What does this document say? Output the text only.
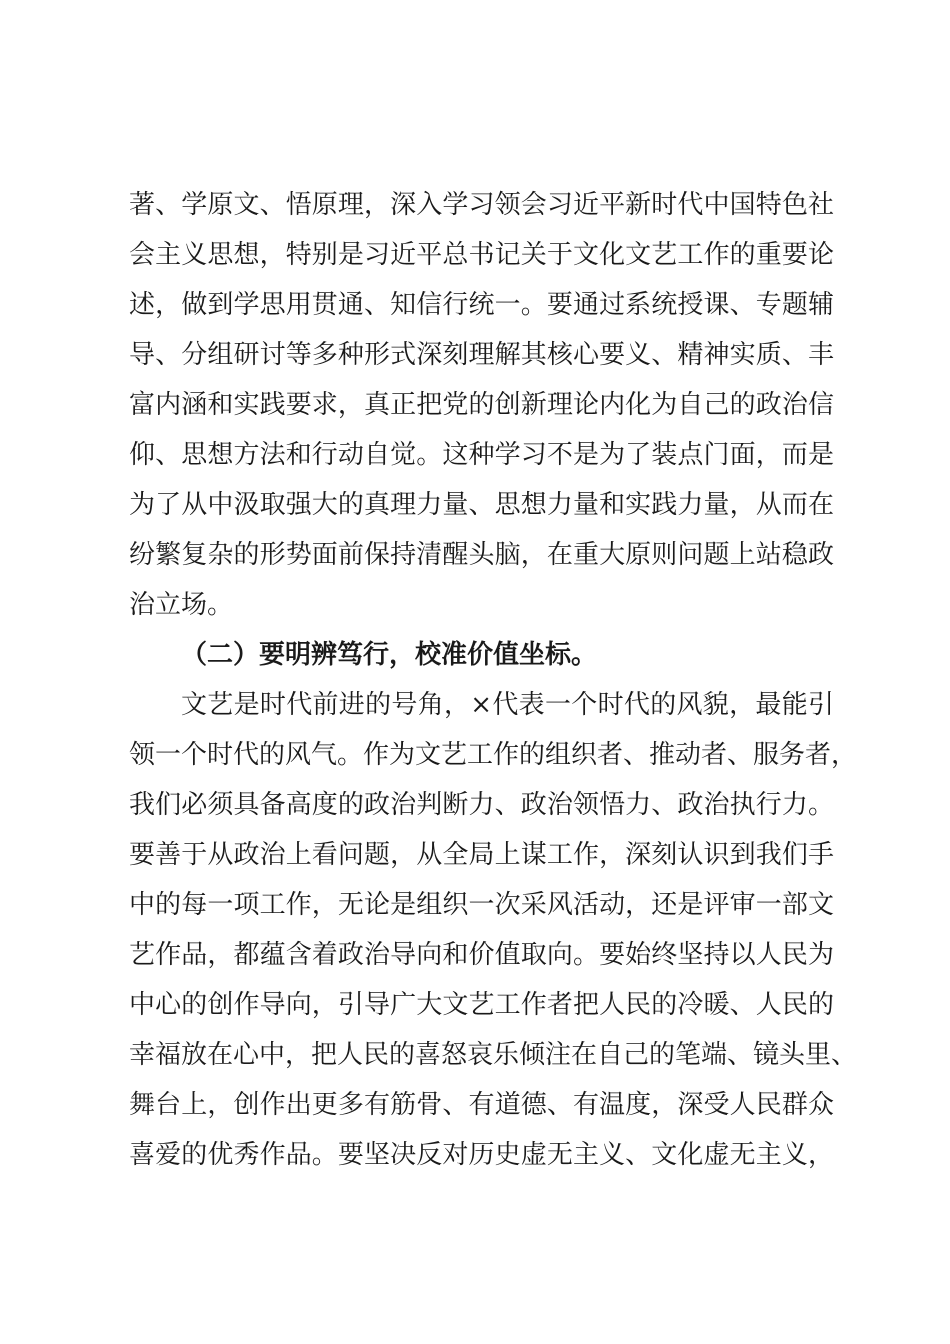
著、学原文、悟原理，深入学习领会习近平新时代中国特色社
会主义思想，特别是习近平总书记关于文化文艺工作的重要论
述，做到学思用贯通、知信行统一。要通过系统授课、专题辅
导、分组研讨等多种形式深刻理解其核心要义、精神实质、丰
富内涵和实践要求，真正把党的创新理论内化为自己的政治信
仰、思想方法和行动自觉。这种学习不是为了装点门面，而是
为了从中汲取强大的真理力量、思想力量和实践力量，从而在
纷繁复杂的形势面前保持清醒头脑，在重大原则问题上站稳政
治立场。
（二）要明辨笃行，校准价值坐标。
文艺是时代前进的号角，×代表一个时代的风貌，最能引
领一个时代的风气。作为文艺工作的组织者、推动者、服务者，
我们必须具备高度的政治判断力、政治领悟力、政治执行力。
要善于从政治上看问题，从全局上谋工作，深刻认识到我们手
中的每一项工作，无论是组织一次采风活动，还是评审一部文
艺作品，都蕴含着政治导向和价值取向。要始终坚持以人民为
中心的创作导向，引导广大文艺工作者把人民的冷暖、人民的
幸福放在心中，把人民的喜怒哀乐倾注在自己的笔端、镜头里、
舞台上，创作出更多有筋骨、有道德、有温度，深受人民群众
喜爱的优秀作品。要坚决反对历史虚无主义、文化虚无主义，
